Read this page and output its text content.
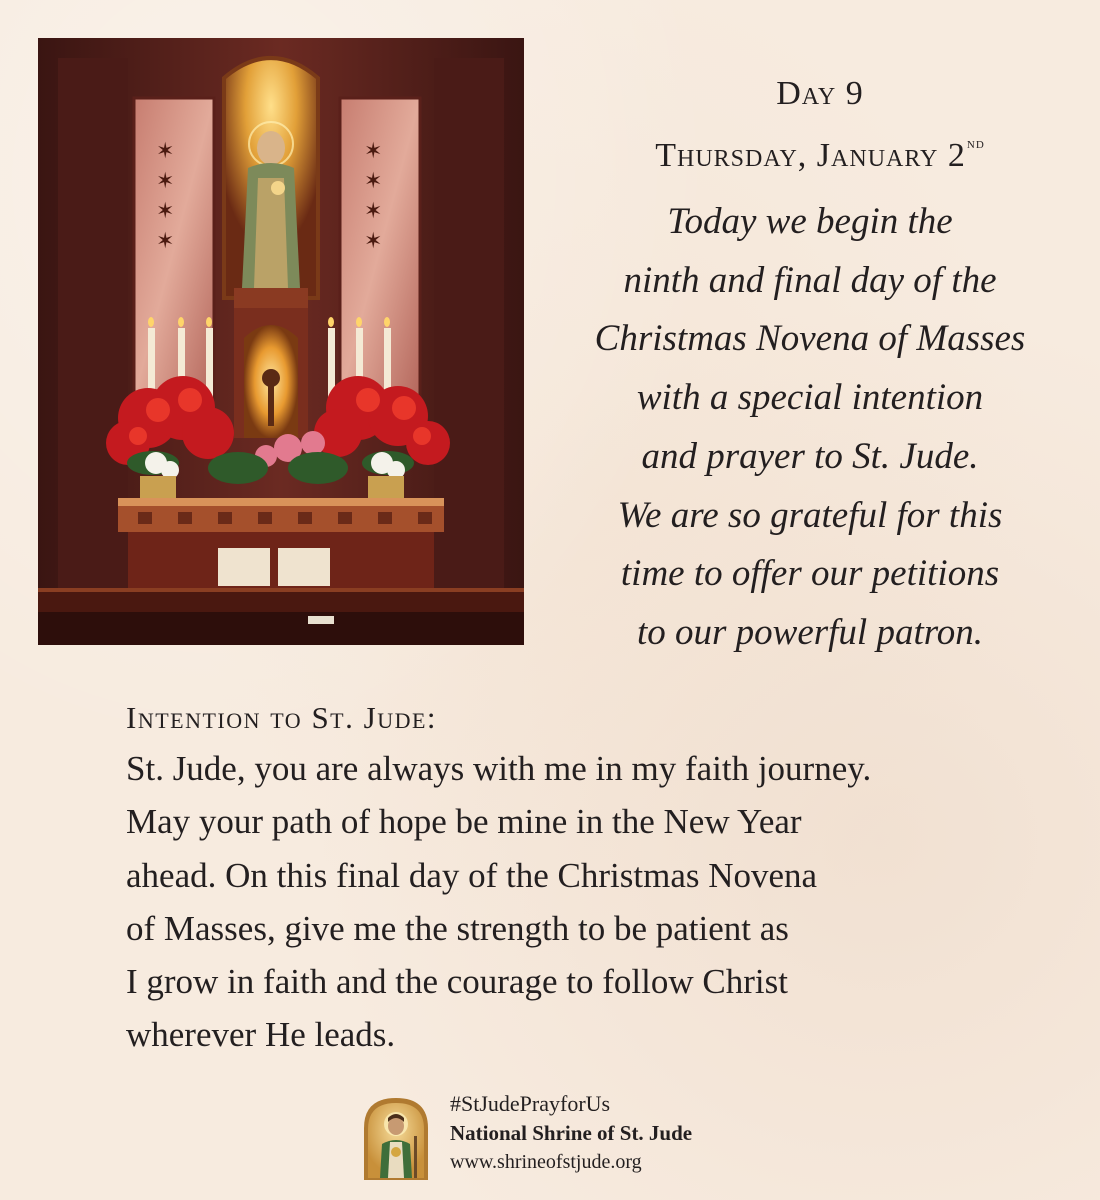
✶
✶
✶
✶
✶
✶
✶
✶
Day 9
Thursday, January 2nd
Today we begin the
ninth and final day of the
Christmas Novena of Masses
with a special intention
and prayer to St. Jude.
We are so grateful for this
time to offer our petitions
to our powerful patron.
Intention to St. Jude:
St. Jude, you are always with me in my faith journey.
May your path of hope be mine in the New Year
ahead. On this final day of the Christmas Novena
of Masses, give me the strength to be patient as
I grow in faith and the courage to follow Christ
wherever He leads.
#StJudePrayforUs
National Shrine of St. Jude
www.shrineofstjude.org
